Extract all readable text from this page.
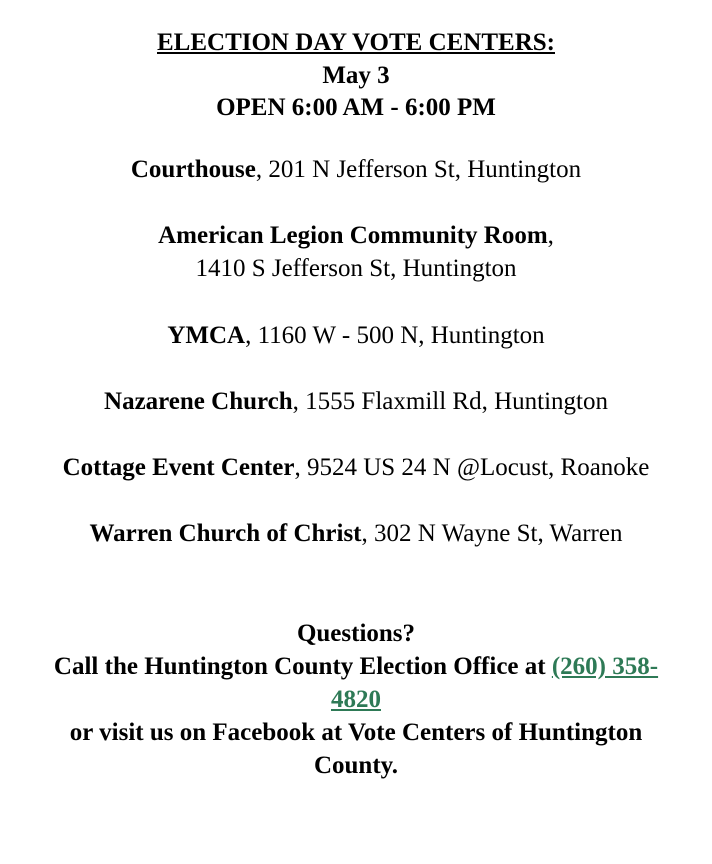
ELECTION DAY VOTE CENTERS:
May 3
OPEN 6:00 AM - 6:00 PM
Courthouse, 201 N Jefferson St, Huntington
American Legion Community Room,
1410 S Jefferson St, Huntington
YMCA, 1160 W - 500 N, Huntington
Nazarene Church, 1555 Flaxmill Rd, Huntington
Cottage Event Center, 9524 US 24 N @Locust, Roanoke
Warren Church of Christ, 302 N Wayne St, Warren
Questions?
Call the Huntington County Election Office at (260) 358-
4820
or visit us on Facebook at Vote Centers of Huntington
County.
